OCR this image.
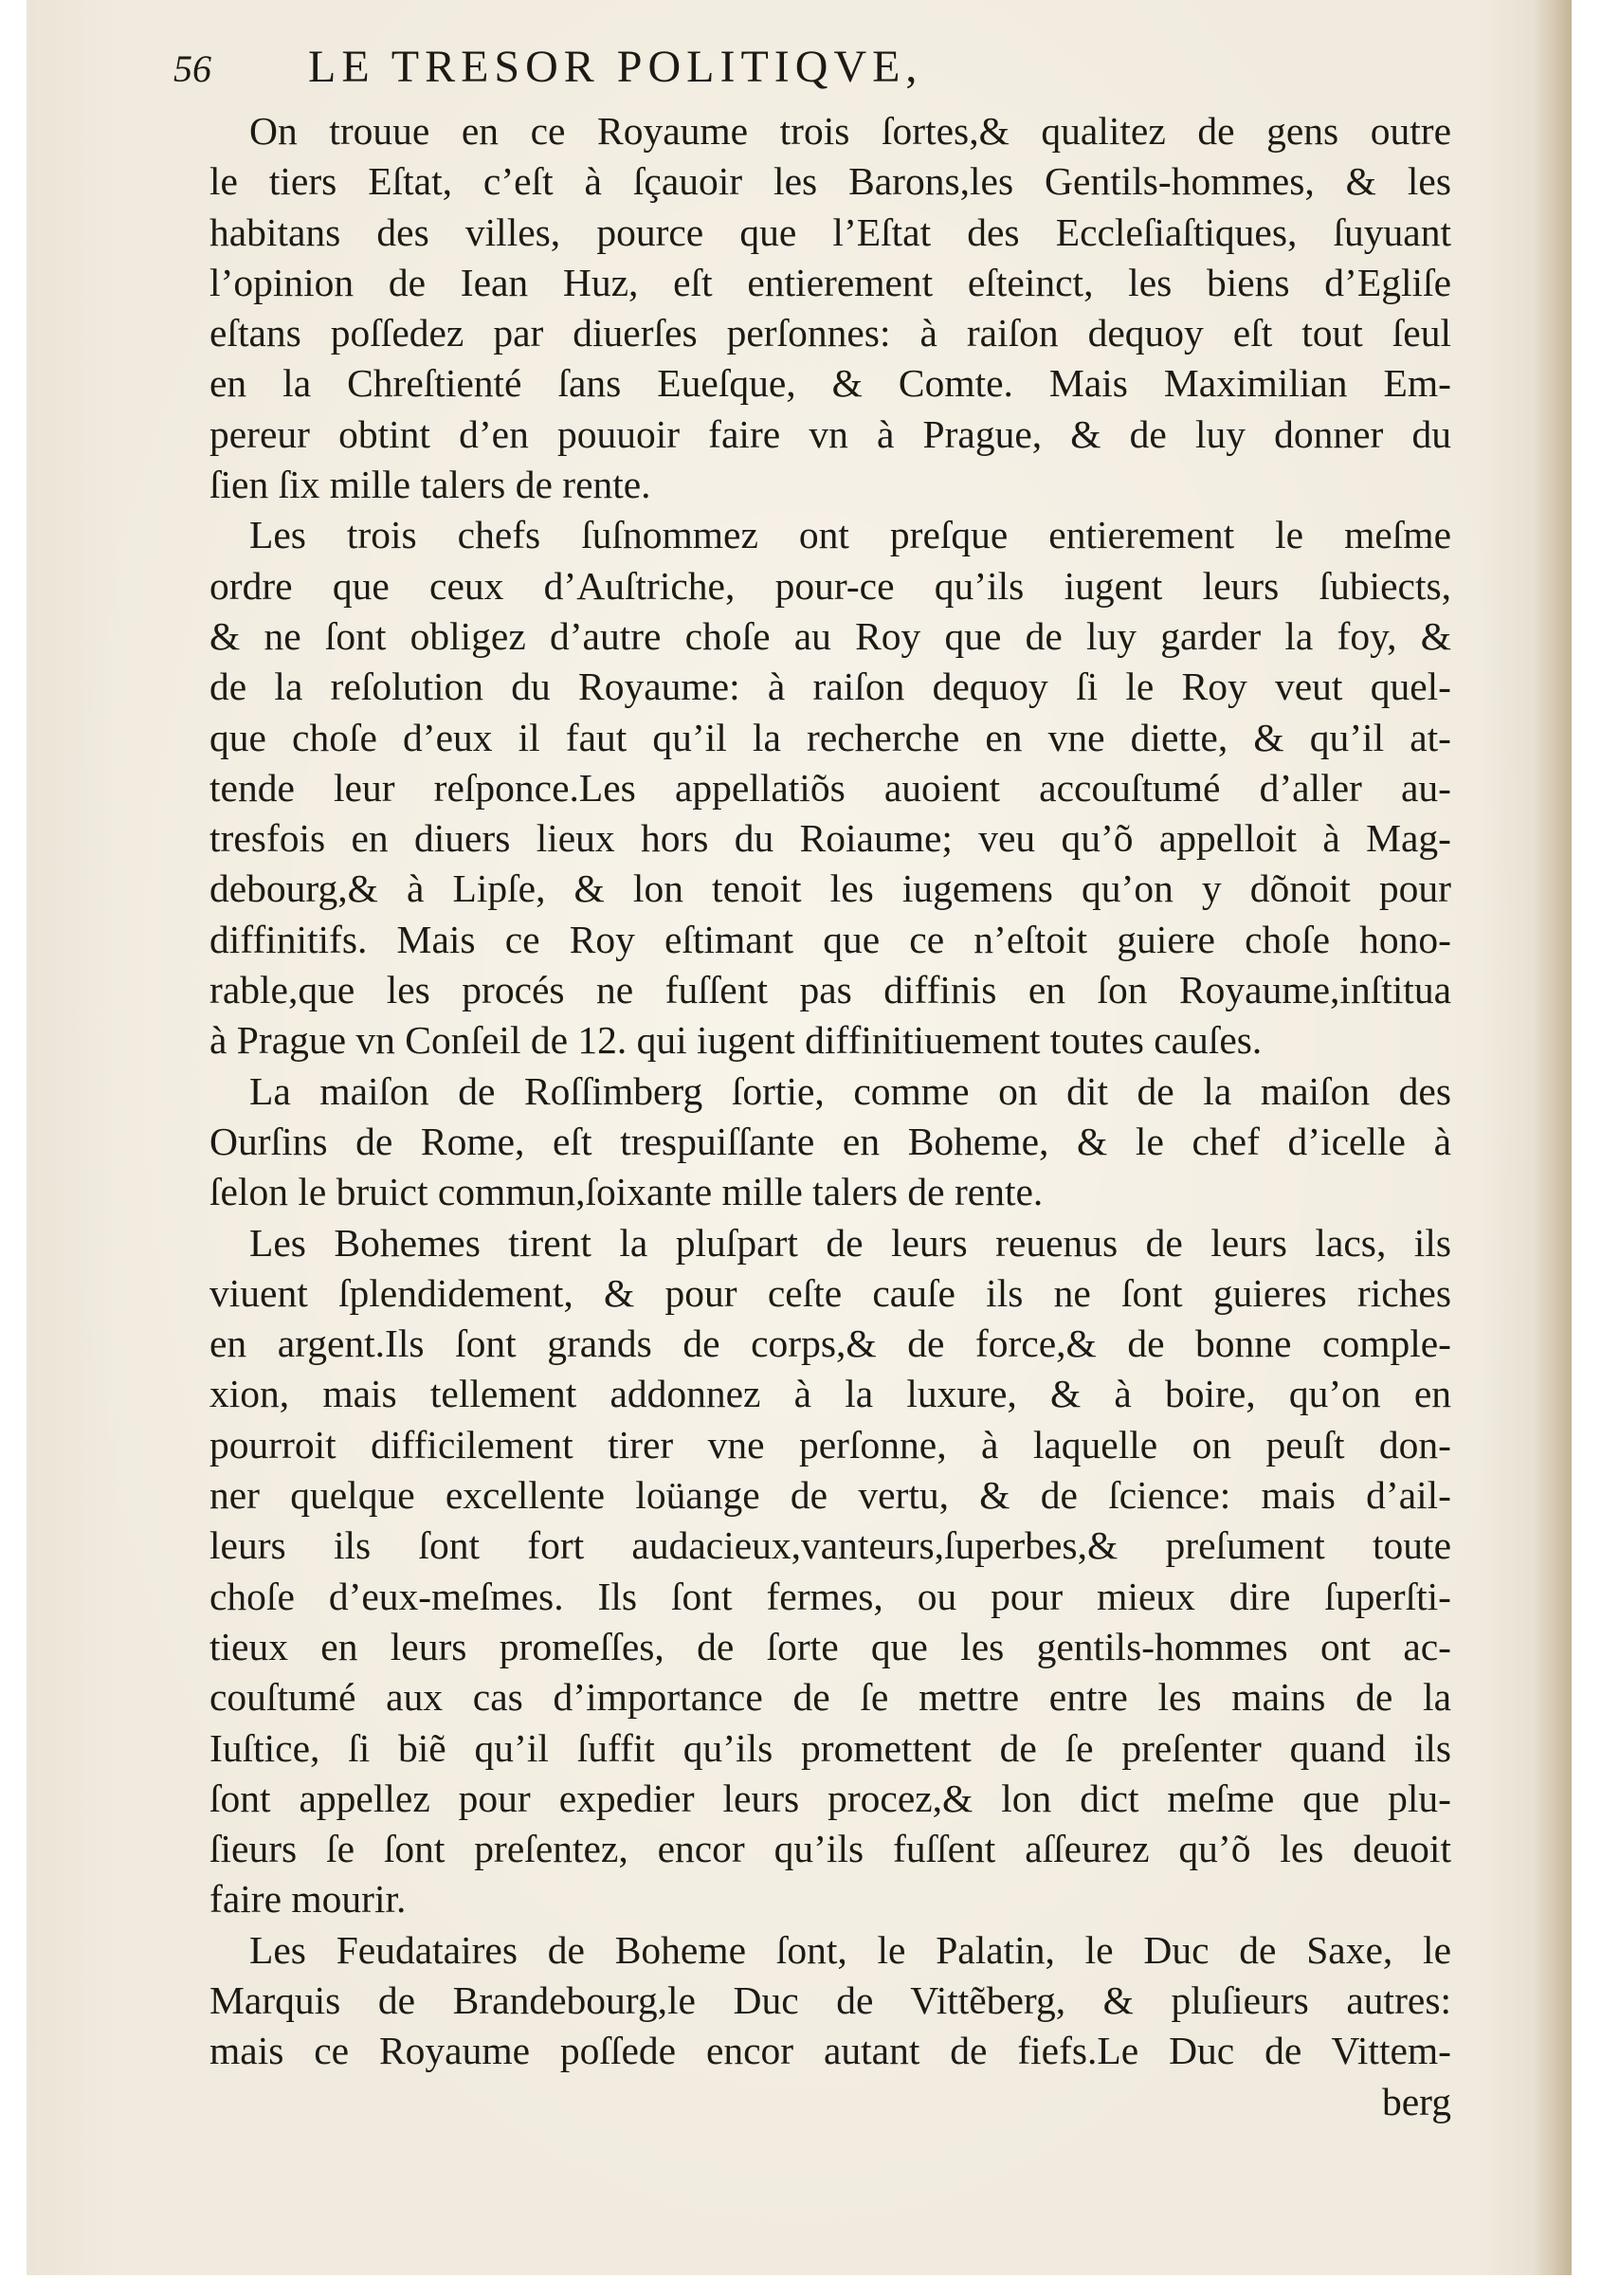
56 LE TRESOR POLITIQVE,
On trouue en ce Royaume trois ſortes,& qualitez de gens outre
le tiers Eſtat, c’eſt à ſçauoir les Barons,les Gentils-hommes, & les
habitans des villes, pource que l’Eſtat des Eccleſiaſtiques, ſuyuant
l’opinion de Iean Huz, eſt entierement eſteinct, les biens d’Egliſe
eſtans poſſedez par diuerſes perſonnes: à raiſon dequoy eſt tout ſeul
en la Chreſtienté ſans Eueſque, & Comte. Mais Maximilian Em-
pereur obtint d’en pouuoir faire vn à Prague, & de luy donner du
ſien ſix mille talers de rente.
Les trois chefs ſuſnommez ont preſque entierement le meſme
ordre que ceux d’Auſtriche, pour-ce qu’ils iugent leurs ſubiects,
& ne ſont obligez d’autre choſe au Roy que de luy garder la foy, &
de la reſolution du Royaume: à raiſon dequoy ſi le Roy veut quel-
que choſe d’eux il faut qu’il la recherche en vne diette, & qu’il at-
tende leur reſponce.Les appellatiõs auoient accouſtumé d’aller au-
tresfois en diuers lieux hors du Roiaume; veu qu’õ appelloit à Mag-
debourg,& à Lipſe, & lon tenoit les iugemens qu’on y dõnoit pour
diffinitifs. Mais ce Roy eſtimant que ce n’eſtoit guiere choſe hono-
rable,que les procés ne fuſſent pas diffinis en ſon Royaume,inſtitua
à Prague vn Conſeil de 12. qui iugent diffinitiuement toutes cauſes.
La maiſon de Roſſimberg ſortie, comme on dit de la maiſon des
Ourſins de Rome, eſt trespuiſſante en Boheme, & le chef d’icelle à
ſelon le bruict commun,ſoixante mille talers de rente.
Les Bohemes tirent la pluſpart de leurs reuenus de leurs lacs, ils
viuent ſplendidement, & pour ceſte cauſe ils ne ſont guieres riches
en argent.Ils ſont grands de corps,& de force,& de bonne comple-
xion, mais tellement addonnez à la luxure, & à boire, qu’on en
pourroit difficilement tirer vne perſonne, à laquelle on peuſt don-
ner quelque excellente loüange de vertu, & de ſcience: mais d’ail-
leurs ils ſont fort audacieux,vanteurs,ſuperbes,& preſument toute
choſe d’eux-meſmes. Ils ſont fermes, ou pour mieux dire ſuperſti-
tieux en leurs promeſſes, de ſorte que les gentils-hommes ont ac-
couſtumé aux cas d’importance de ſe mettre entre les mains de la
Iuſtice, ſi biẽ qu’il ſuffit qu’ils promettent de ſe preſenter quand ils
ſont appellez pour expedier leurs procez,& lon dict meſme que plu-
ſieurs ſe ſont preſentez, encor qu’ils fuſſent aſſeurez qu’õ les deuoit
faire mourir.
Les Feudataires de Boheme ſont, le Palatin, le Duc de Saxe, le
Marquis de Brandebourg,le Duc de Vittẽberg, & pluſieurs autres:
mais ce Royaume poſſede encor autant de fiefs.Le Duc de Vittem-
berg
